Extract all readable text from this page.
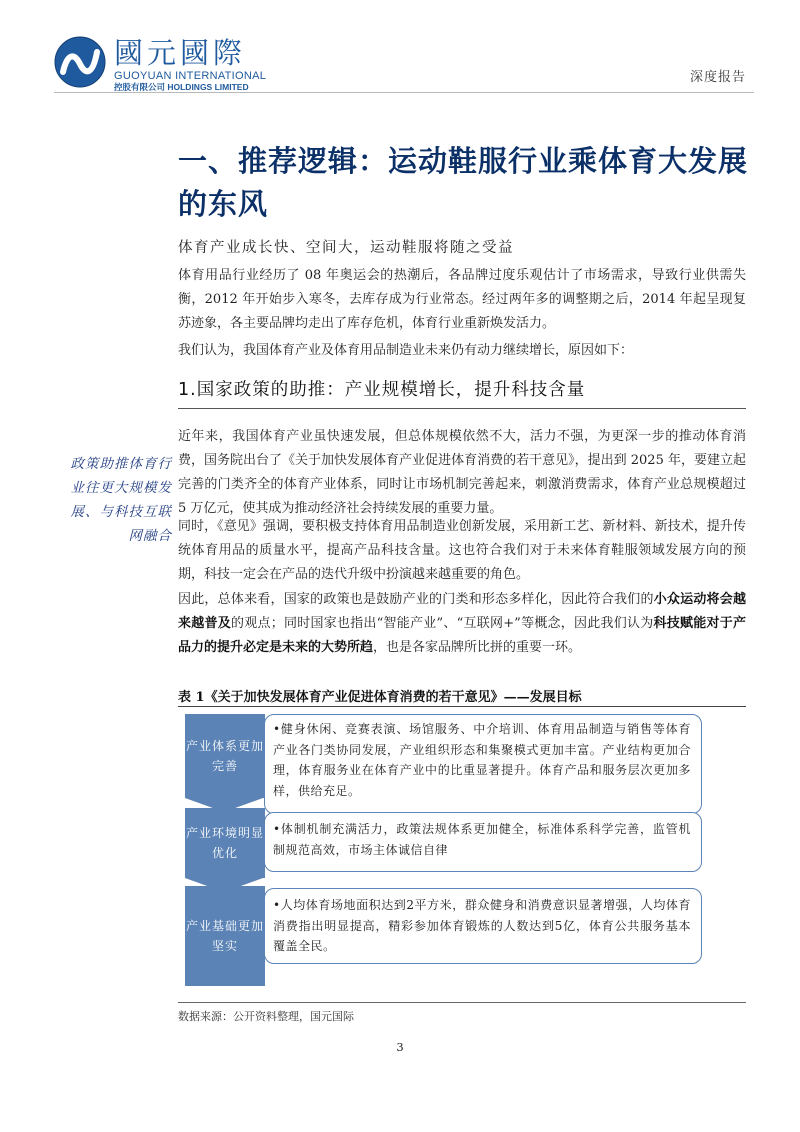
國元國際
GUOYUAN INTERNATIONAL
控股有限公司 HOLDINGS LIMITED
深度报告
一、推荐逻辑：运动鞋服行业乘体育大发展的东风
体育产业成长快、空间大，运动鞋服将随之受益
体育用品行业经历了 08 年奥运会的热潮后，各品牌过度乐观估计了市场需求，导致行业供需失衡，2012 年开始步入寒冬，去库存成为行业常态。经过两年多的调整期之后，2014 年起呈现复苏迹象，各主要品牌均走出了库存危机，体育行业重新焕发活力。
我们认为，我国体育产业及体育用品制造业未来仍有动力继续增长，原因如下：
1.国家政策的助推：产业规模增长，提升科技含量
政策助推体育行业往更大规模发展、与科技互联网融合
近年来，我国体育产业虽快速发展，但总体规模依然不大，活力不强，为更深一步的推动体育消费，国务院出台了《关于加快发展体育产业促进体育消费的若干意见》，提出到 2025 年，要建立起完善的门类齐全的体育产业体系，同时让市场机制完善起来，刺激消费需求，体育产业总规模超过 5 万亿元，使其成为推动经济社会持续发展的重要力量。
同时，《意见》强调，要积极支持体育用品制造业创新发展，采用新工艺、新材料、新技术，提升传统体育用品的质量水平，提高产品科技含量。这也符合我们对于未来体育鞋服领域发展方向的预期，科技一定会在产品的迭代升级中扮演越来越重要的角色。
因此，总体来看，国家的政策也是鼓励产业的门类和形态多样化，因此符合我们的小众运动将会越来越普及的观点；同时国家也指出“智能产业”、“互联网+”等概念，因此我们认为科技赋能对于产品力的提升必定是未来的大势所趋，也是各家品牌所比拼的重要一环。
表 1《关于加快发展体育产业促进体育消费的若干意见》——发展目标
产业体系更加完善
•健身休闲、竞赛表演、场馆服务、中介培训、体育用品制造与销售等体育产业各门类协同发展，产业组织形态和集聚模式更加丰富。产业结构更加合理，体育服务业在体育产业中的比重显著提升。体育产品和服务层次更加多样，供给充足。
产业环境明显优化
•体制机制充满活力，政策法规体系更加健全，标准体系科学完善，监管机制规范高效，市场主体诚信自律
产业基础更加坚实
•人均体育场地面积达到2平方米，群众健身和消费意识显著增强，人均体育消费指出明显提高，精彩参加体育锻炼的人数达到5亿，体育公共服务基本覆盖全民。
数据来源：公开资料整理，国元国际
3
